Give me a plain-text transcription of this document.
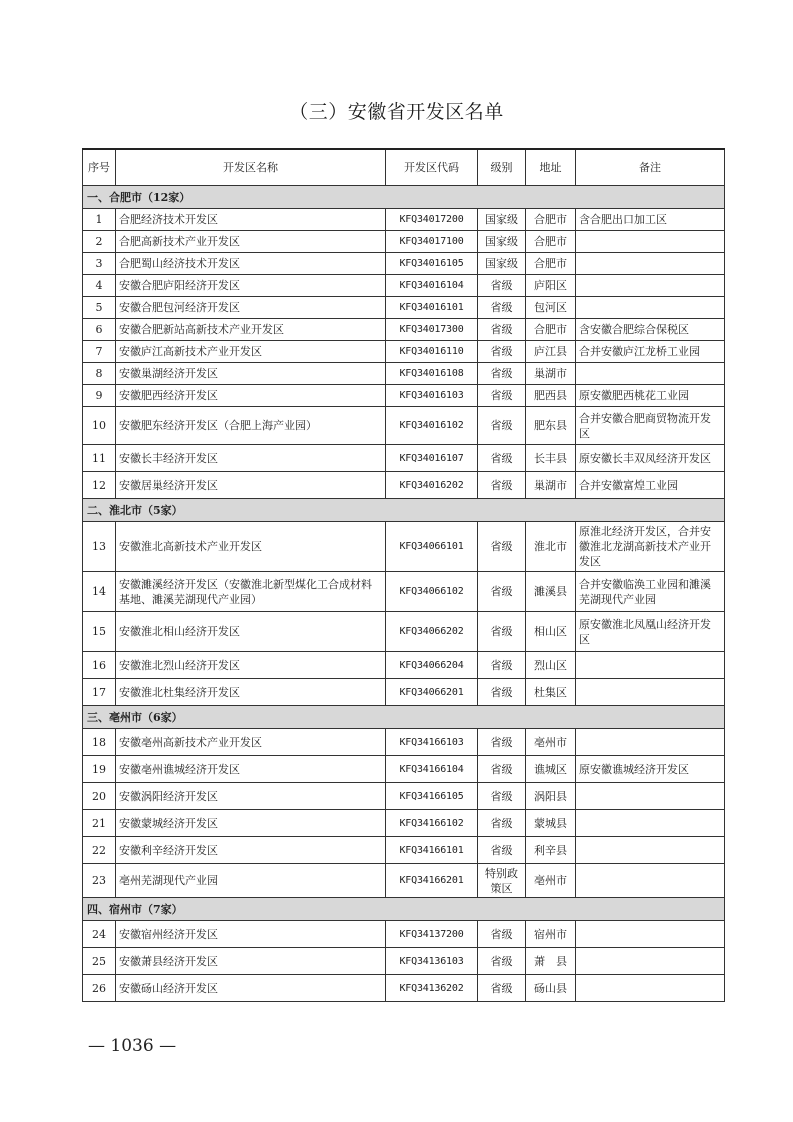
（三）安徽省开发区名单
序号	开发区名称	开发区代码	级别	地址	备注
一、合肥市（12家）					
1	合肥经济技术开发区	KFQ34017200	国家级	合肥市	含合肥出口加工区
2	合肥高新技术产业开发区	KFQ34017100	国家级	合肥市	
3	合肥蜀山经济技术开发区	KFQ34016105	国家级	合肥市	
4	安徽合肥庐阳经济开发区	KFQ34016104	省级	庐阳区	
5	安徽合肥包河经济开发区	KFQ34016101	省级	包河区	
6	安徽合肥新站高新技术产业开发区	KFQ34017300	省级	合肥市	含安徽合肥综合保税区
7	安徽庐江高新技术产业开发区	KFQ34016110	省级	庐江县	合并安徽庐江龙桥工业园
8	安徽巢湖经济开发区	KFQ34016108	省级	巢湖市	
9	安徽肥西经济开发区	KFQ34016103	省级	肥西县	原安徽肥西桃花工业园
10	安徽肥东经济开发区（合肥上海产业园）	KFQ34016102	省级	肥东县	合并安徽合肥商贸物流开发区
11	安徽长丰经济开发区	KFQ34016107	省级	长丰县	原安徽长丰双凤经济开发区
12	安徽居巢经济开发区	KFQ34016202	省级	巢湖市	合并安徽富煌工业园
二、淮北市（5家）					
13	安徽淮北高新技术产业开发区	KFQ34066101	省级	淮北市	原淮北经济开发区，合并安徽淮北龙湖高新技术产业开发区
14	安徽濉溪经济开发区（安徽淮北新型煤化工合成材料基地、濉溪芜湖现代产业园）	KFQ34066102	省级	濉溪县	合并安徽临涣工业园和濉溪芜湖现代产业园
15	安徽淮北相山经济开发区	KFQ34066202	省级	相山区	原安徽淮北凤凰山经济开发区
16	安徽淮北烈山经济开发区	KFQ34066204	省级	烈山区	
17	安徽淮北杜集经济开发区	KFQ34066201	省级	杜集区	
三、亳州市（6家）					
18	安徽亳州高新技术产业开发区	KFQ34166103	省级	亳州市	
19	安徽亳州谯城经济开发区	KFQ34166104	省级	谯城区	原安徽谯城经济开发区
20	安徽涡阳经济开发区	KFQ34166105	省级	涡阳县	
21	安徽蒙城经济开发区	KFQ34166102	省级	蒙城县	
22	安徽利辛经济开发区	KFQ34166101	省级	利辛县	
23	亳州芜湖现代产业园	KFQ34166201	特别政策区	亳州市	
四、宿州市（7家）					
24	安徽宿州经济开发区	KFQ34137200	省级	宿州市	
25	安徽萧县经济开发区	KFQ34136103	省级	萧　县	
26	安徽砀山经济开发区	KFQ34136202	省级	砀山县	
— 1036 —
